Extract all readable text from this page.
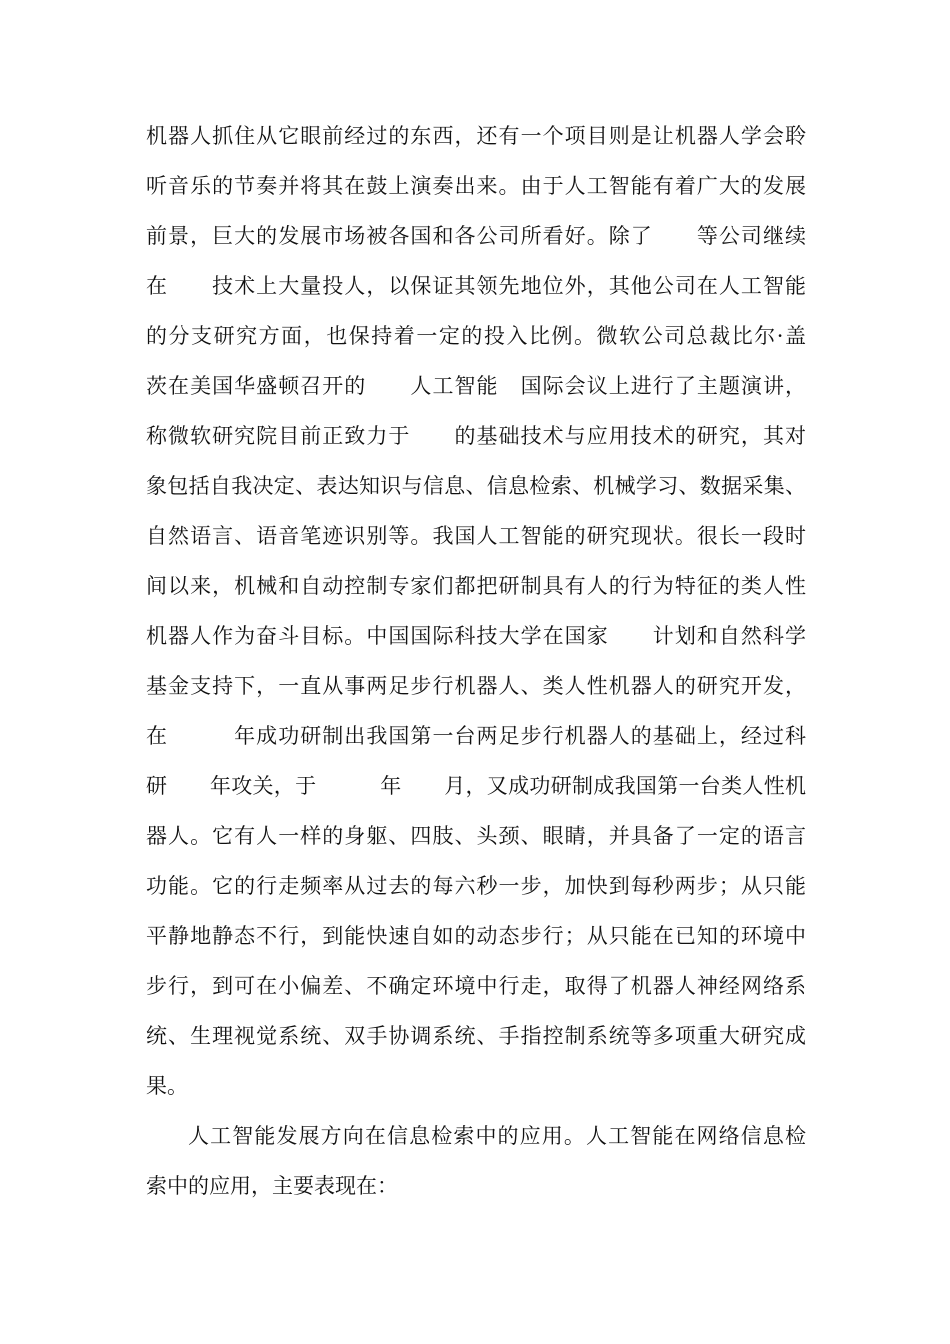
机器人抓住从它眼前经过的东西，还有一个项目则是让机器人学会聆
听音乐的节奏并将其在鼓上演奏出来。由于人工智能有着广大的发展
前景，巨大的发展市场被各国和各公司所看好。除了　　等公司继续
在　　技术上大量投人，以保证其领先地位外，其他公司在人工智能
的分支研究方面，也保持着一定的投入比例。微软公司总裁比尔·盖
茨在美国华盛顿召开的　　人工智能　国际会议上进行了主题演讲，
称微软研究院目前正致力于　　的基础技术与应用技术的研究，其对
象包括自我决定、表达知识与信息、信息检索、机械学习、数据采集、
自然语言、语音笔迹识别等。我国人工智能的研究现状。很长一段时
间以来，机械和自动控制专家们都把研制具有人的行为特征的类人性
机器人作为奋斗目标。中国国际科技大学在国家　　计划和自然科学
基金支持下，一直从事两足步行机器人、类人性机器人的研究开发，
在　　　年成功研制出我国第一台两足步行机器人的基础上，经过科
研　　年攻关，于　　　年　　月，又成功研制成我国第一台类人性机
器人。它有人一样的身躯、四肢、头颈、眼睛，并具备了一定的语言
功能。它的行走频率从过去的每六秒一步，加快到每秒两步；从只能
平静地静态不行，到能快速自如的动态步行；从只能在已知的环境中
步行，到可在小偏差、不确定环境中行走，取得了机器人神经网络系
统、生理视觉系统、双手协调系统、手指控制系统等多项重大研究成
果。
人工智能发展方向在信息检索中的应用。人工智能在网络信息检
索中的应用，主要表现在：
